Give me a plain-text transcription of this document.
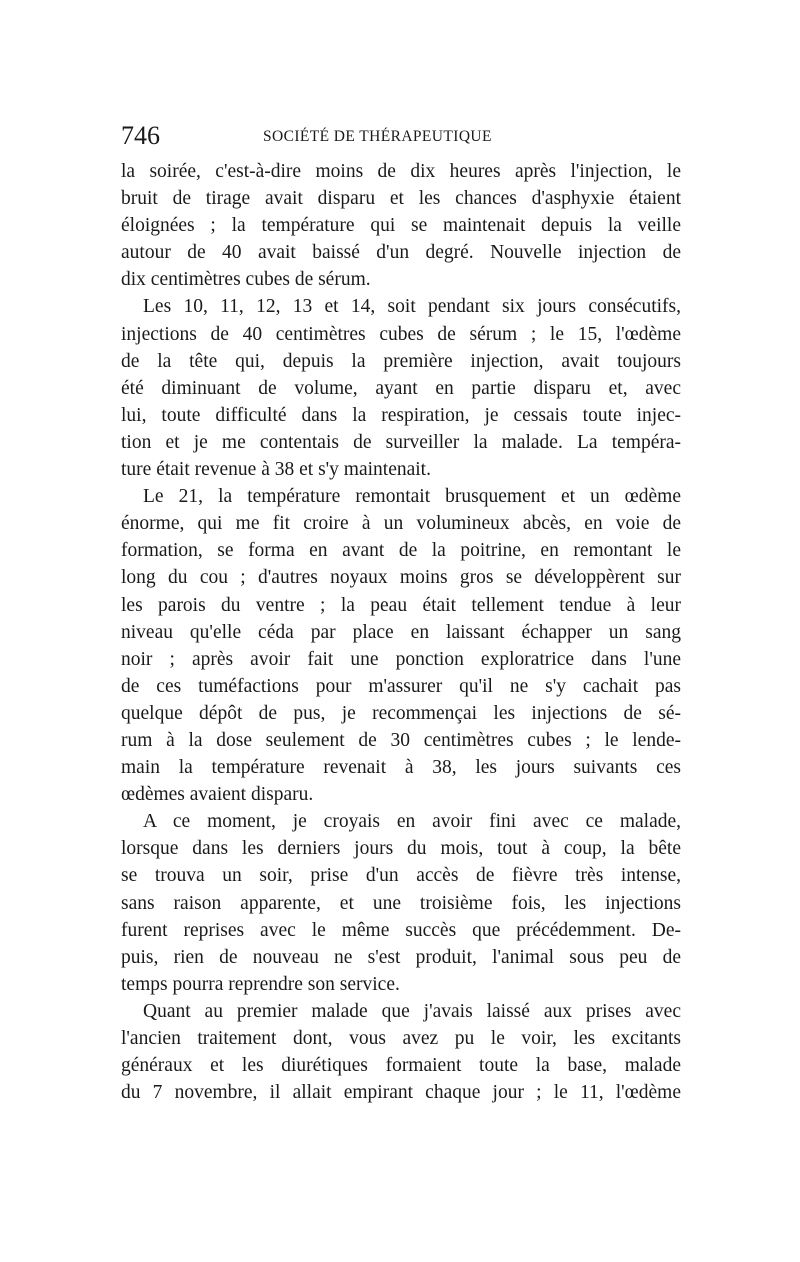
746	SOCIÉTÉ DE THÉRAPEUTIQUE
la soirée, c'est-à-dire moins de dix heures après l'injection, le
bruit de tirage avait disparu et les chances d'asphyxie étaient
éloignées ; la température qui se maintenait depuis la veille
autour de 40 avait baissé d'un degré. Nouvelle injection de
dix centimètres cubes de sérum.
Les 10, 11, 12, 13 et 14, soit pendant six jours consécutifs,
injections de 40 centimètres cubes de sérum ; le 15, l'œdème
de la tête qui, depuis la première injection, avait toujours
été diminuant de volume, ayant en partie disparu et, avec
lui, toute difficulté dans la respiration, je cessais toute injec-
tion et je me contentais de surveiller la malade. La tempéra-
ture était revenue à 38 et s'y maintenait.
Le 21, la température remontait brusquement et un œdème
énorme, qui me fit croire à un volumineux abcès, en voie de
formation, se forma en avant de la poitrine, en remontant le
long du cou ; d'autres noyaux moins gros se développèrent sur
les parois du ventre ; la peau était tellement tendue à leur
niveau qu'elle céda par place en laissant échapper un sang
noir ; après avoir fait une ponction exploratrice dans l'une
de ces tuméfactions pour m'assurer qu'il ne s'y cachait pas
quelque dépôt de pus, je recommençai les injections de sé-
rum à la dose seulement de 30 centimètres cubes ; le lende-
main la température revenait à 38, les jours suivants ces
œdèmes avaient disparu.
A ce moment, je croyais en avoir fini avec ce malade,
lorsque dans les derniers jours du mois, tout à coup, la bête
se trouva un soir, prise d'un accès de fièvre très intense,
sans raison apparente, et une troisième fois, les injections
furent reprises avec le même succès que précédemment. De-
puis, rien de nouveau ne s'est produit, l'animal sous peu de
temps pourra reprendre son service.
Quant au premier malade que j'avais laissé aux prises avec
l'ancien traitement dont, vous avez pu le voir, les excitants
généraux et les diurétiques formaient toute la base, malade
du 7 novembre, il allait empirant chaque jour ; le 11, l'œdème
